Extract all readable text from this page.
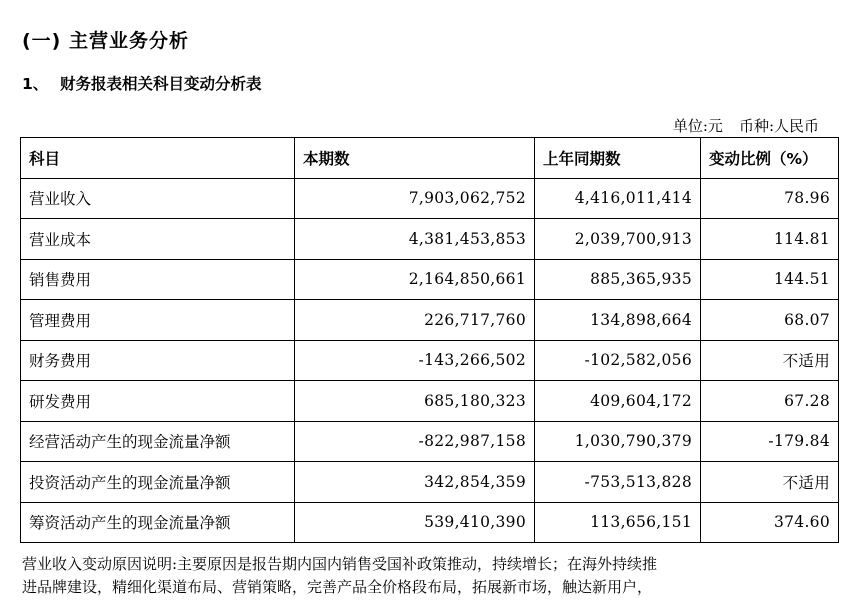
(一) 主营业务分析
1、 财务报表相关科目变动分析表
单位:元 币种:人民币
科目	本期数	上年同期数	变动比例（%）
营业收入	7,903,062,752	4,416,011,414	78.96
营业成本	4,381,453,853	2,039,700,913	114.81
销售费用	2,164,850,661	885,365,935	144.51
管理费用	226,717,760	134,898,664	68.07
财务费用	-143,266,502	-102,582,056	不适用
研发费用	685,180,323	409,604,172	67.28
经营活动产生的现金流量净额	-822,987,158	1,030,790,379	-179.84
投资活动产生的现金流量净额	342,854,359	-753,513,828	不适用
筹资活动产生的现金流量净额	539,410,390	113,656,151	374.60
营业收入变动原因说明:主要原因是报告期内国内销售受国补政策推动，持续增长；在海外持续推
进品牌建设，精细化渠道布局、营销策略，完善产品全价格段布局，拓展新市场，触达新用户，
